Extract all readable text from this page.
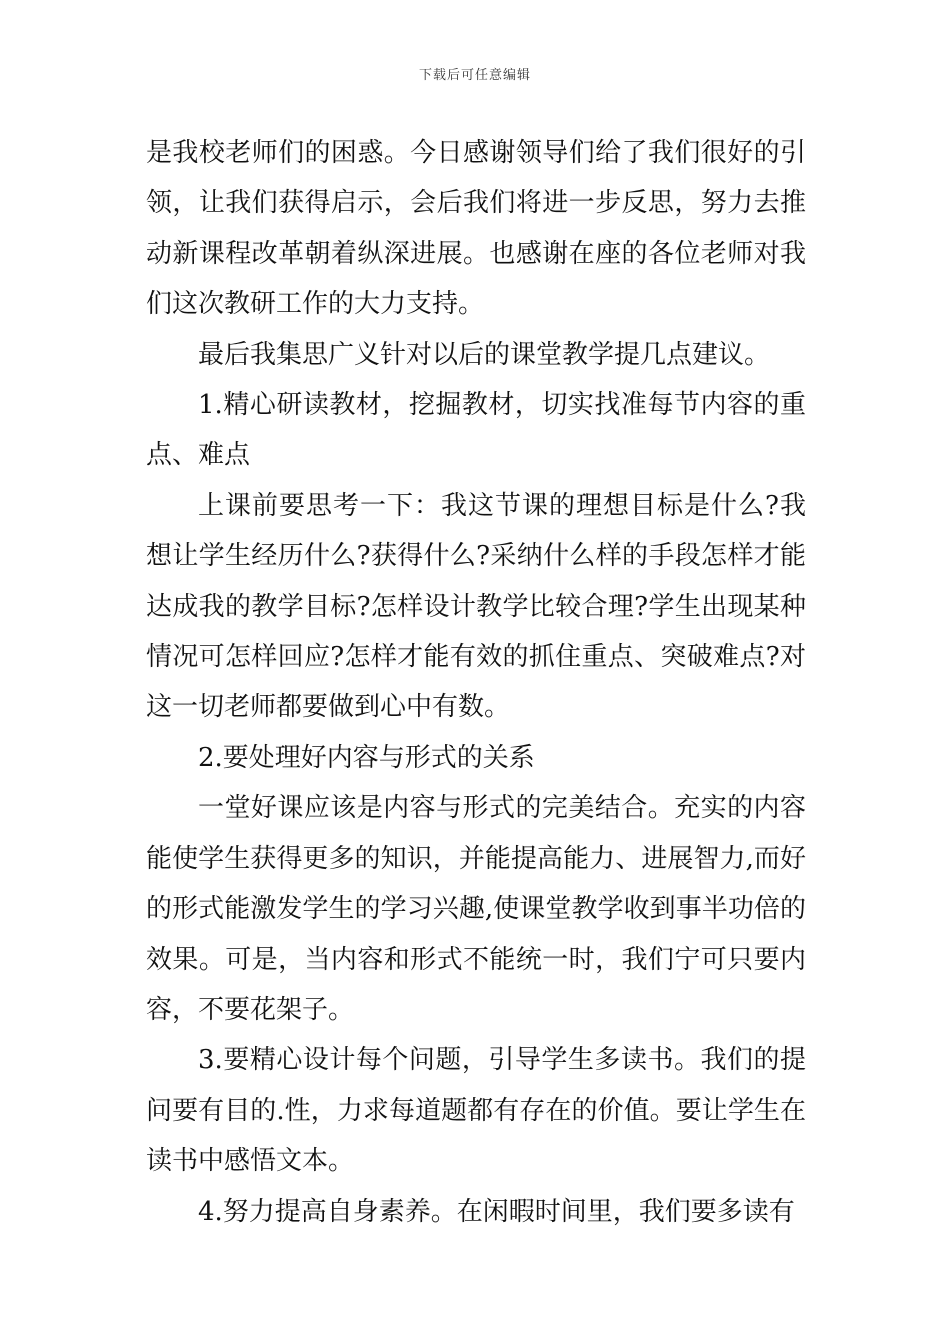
下载后可任意编辑

是我校老师们的困惑。今日感谢领导们给了我们很好的引领，让我们获得启示，会后我们将进一步反思，努力去推动新课程改革朝着纵深进展。也感谢在座的各位老师对我们这次教研工作的大力支持。

最后我集思广义针对以后的课堂教学提几点建议。

1.精心研读教材，挖掘教材，切实找准每节内容的重点、难点

上课前要思考一下：我这节课的理想目标是什么?我想让学生经历什么?获得什么?采纳什么样的手段怎样才能达成我的教学目标?怎样设计教学比较合理?学生出现某种情况可怎样回应?怎样才能有效的抓住重点、突破难点?对这一切老师都要做到心中有数。

2.要处理好内容与形式的关系

一堂好课应该是内容与形式的完美结合。充实的内容能使学生获得更多的知识，并能提高能力、进展智力,而好的形式能激发学生的学习兴趣,使课堂教学收到事半功倍的效果。可是，当内容和形式不能统一时，我们宁可只要内容，不要花架子。

3.要精心设计每个问题，引导学生多读书。我们的提问要有目的.性，力求每道题都有存在的价值。要让学生在读书中感悟文本。

4.努力提高自身素养。在闲暇时间里，我们要多读有
